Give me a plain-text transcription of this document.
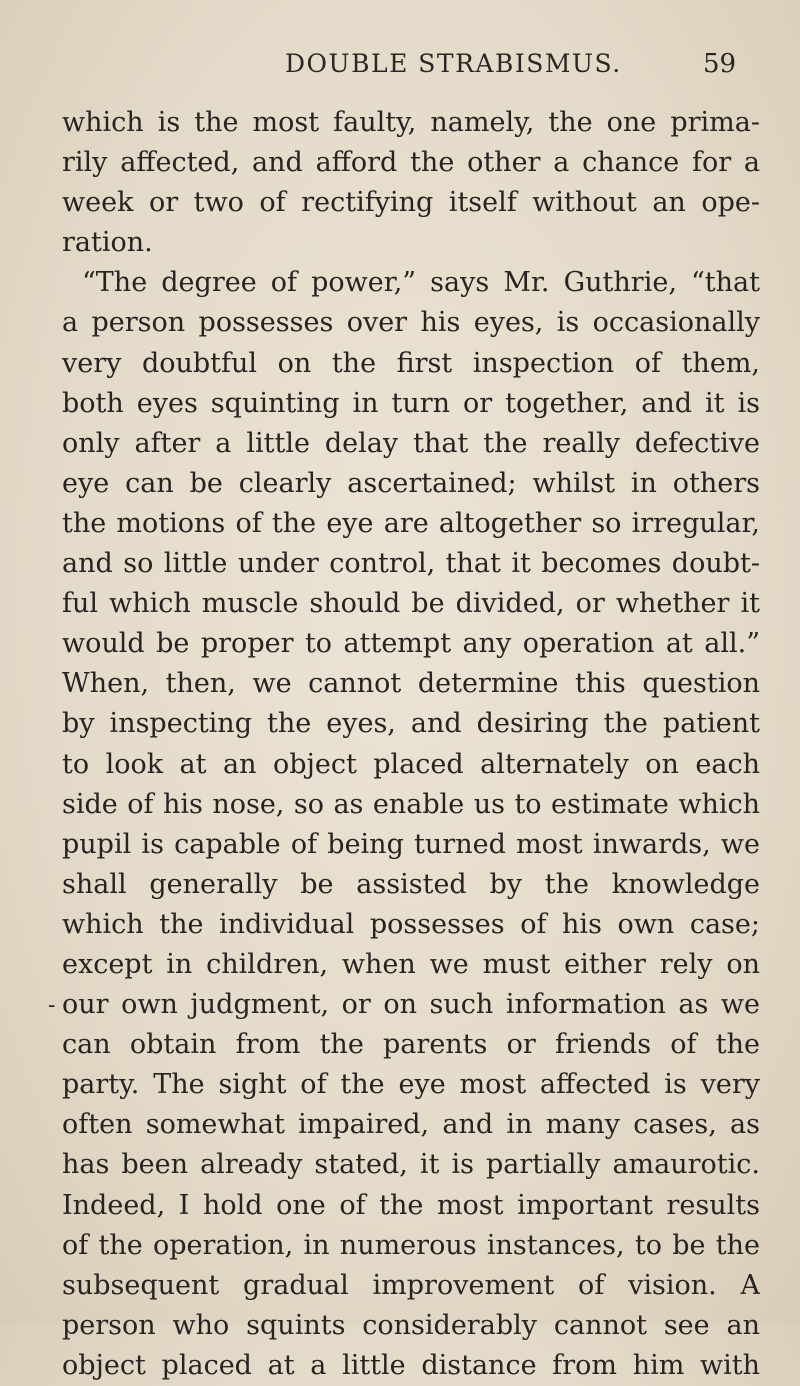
DOUBLE STRABISMUS.	59
-
which is the most faulty, namely, the one prima-
rily affected, and afford the other a chance for a
week or two of rectifying itself without an ope-
ration.
“The degree of power,” says Mr. Guthrie, “that
a person possesses over his eyes, is occasionally
very doubtful on the first inspection of them,
both eyes squinting in turn or together, and it is
only after a little delay that the really defective
eye can be clearly ascertained; whilst in others
the motions of the eye are altogether so irregular,
and so little under control, that it becomes doubt-
ful which muscle should be divided, or whether it
would be proper to attempt any operation at all.”
When, then, we cannot determine this question
by inspecting the eyes, and desiring the patient
to look at an object placed alternately on each
side of his nose, so as enable us to estimate which
pupil is capable of being turned most inwards, we
shall generally be assisted by the knowledge
which the individual possesses of his own case;
except in children, when we must either rely on
our own judgment, or on such information as we
can obtain from the parents or friends of the
party. The sight of the eye most affected is very
often somewhat impaired, and in many cases, as
has been already stated, it is partially amaurotic.
Indeed, I hold one of the most important results
of the operation, in numerous instances, to be the
subsequent gradual improvement of vision. A
person who squints considerably cannot see an
object placed at a little distance from him with
